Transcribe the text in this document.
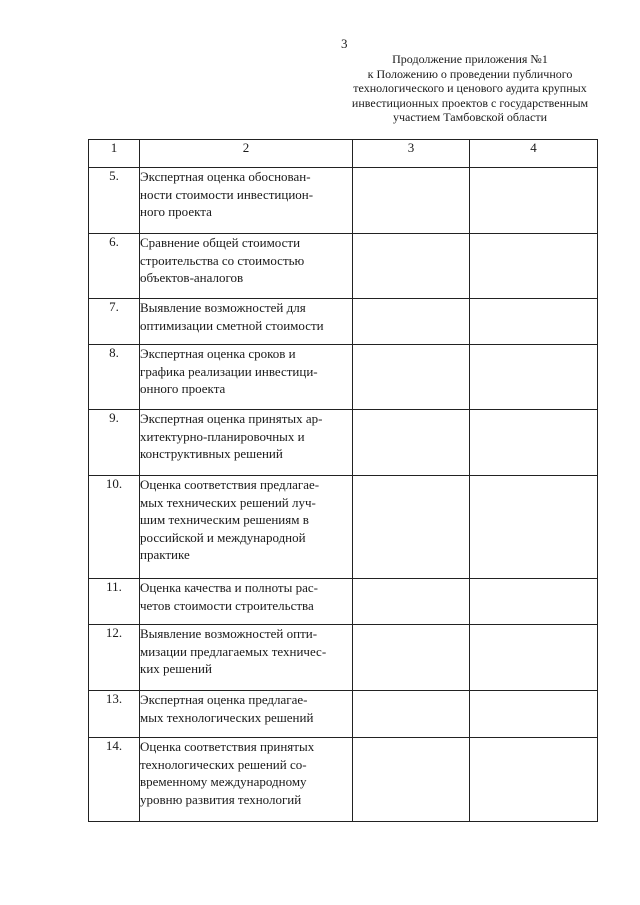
3
Продолжение приложения №1
к Положению о проведении публичного
технологического и ценового аудита крупных
инвестиционных проектов с государственным
участием Тамбовской области
1	2	3	4
5.	Экспертная оценка обоснован-
ности стоимости инвестицион-
ного проекта		

6.	Сравнение общей стоимости
строительства со стоимостью
объектов-аналогов		

7.	Выявление возможностей для
оптимизации сметной стоимости		

8.	Экспертная оценка сроков и
графика реализации инвестици-
онного проекта		

9.	Экспертная оценка принятых ар-
хитектурно-планировочных и
конструктивных решений		

10.	Оценка соответствия предлагае-
мых технических решений луч-
шим техническим решениям в
российской и международной
практике		

11.	Оценка качества и полноты рас-
четов стоимости строительства		

12.	Выявление возможностей опти-
мизации предлагаемых техничес-
ких решений		

13.	Экспертная оценка предлагае-
мых технологических решений		

14.	Оценка соответствия принятых
технологических решений со-
временному международному
уровню развития технологий		
